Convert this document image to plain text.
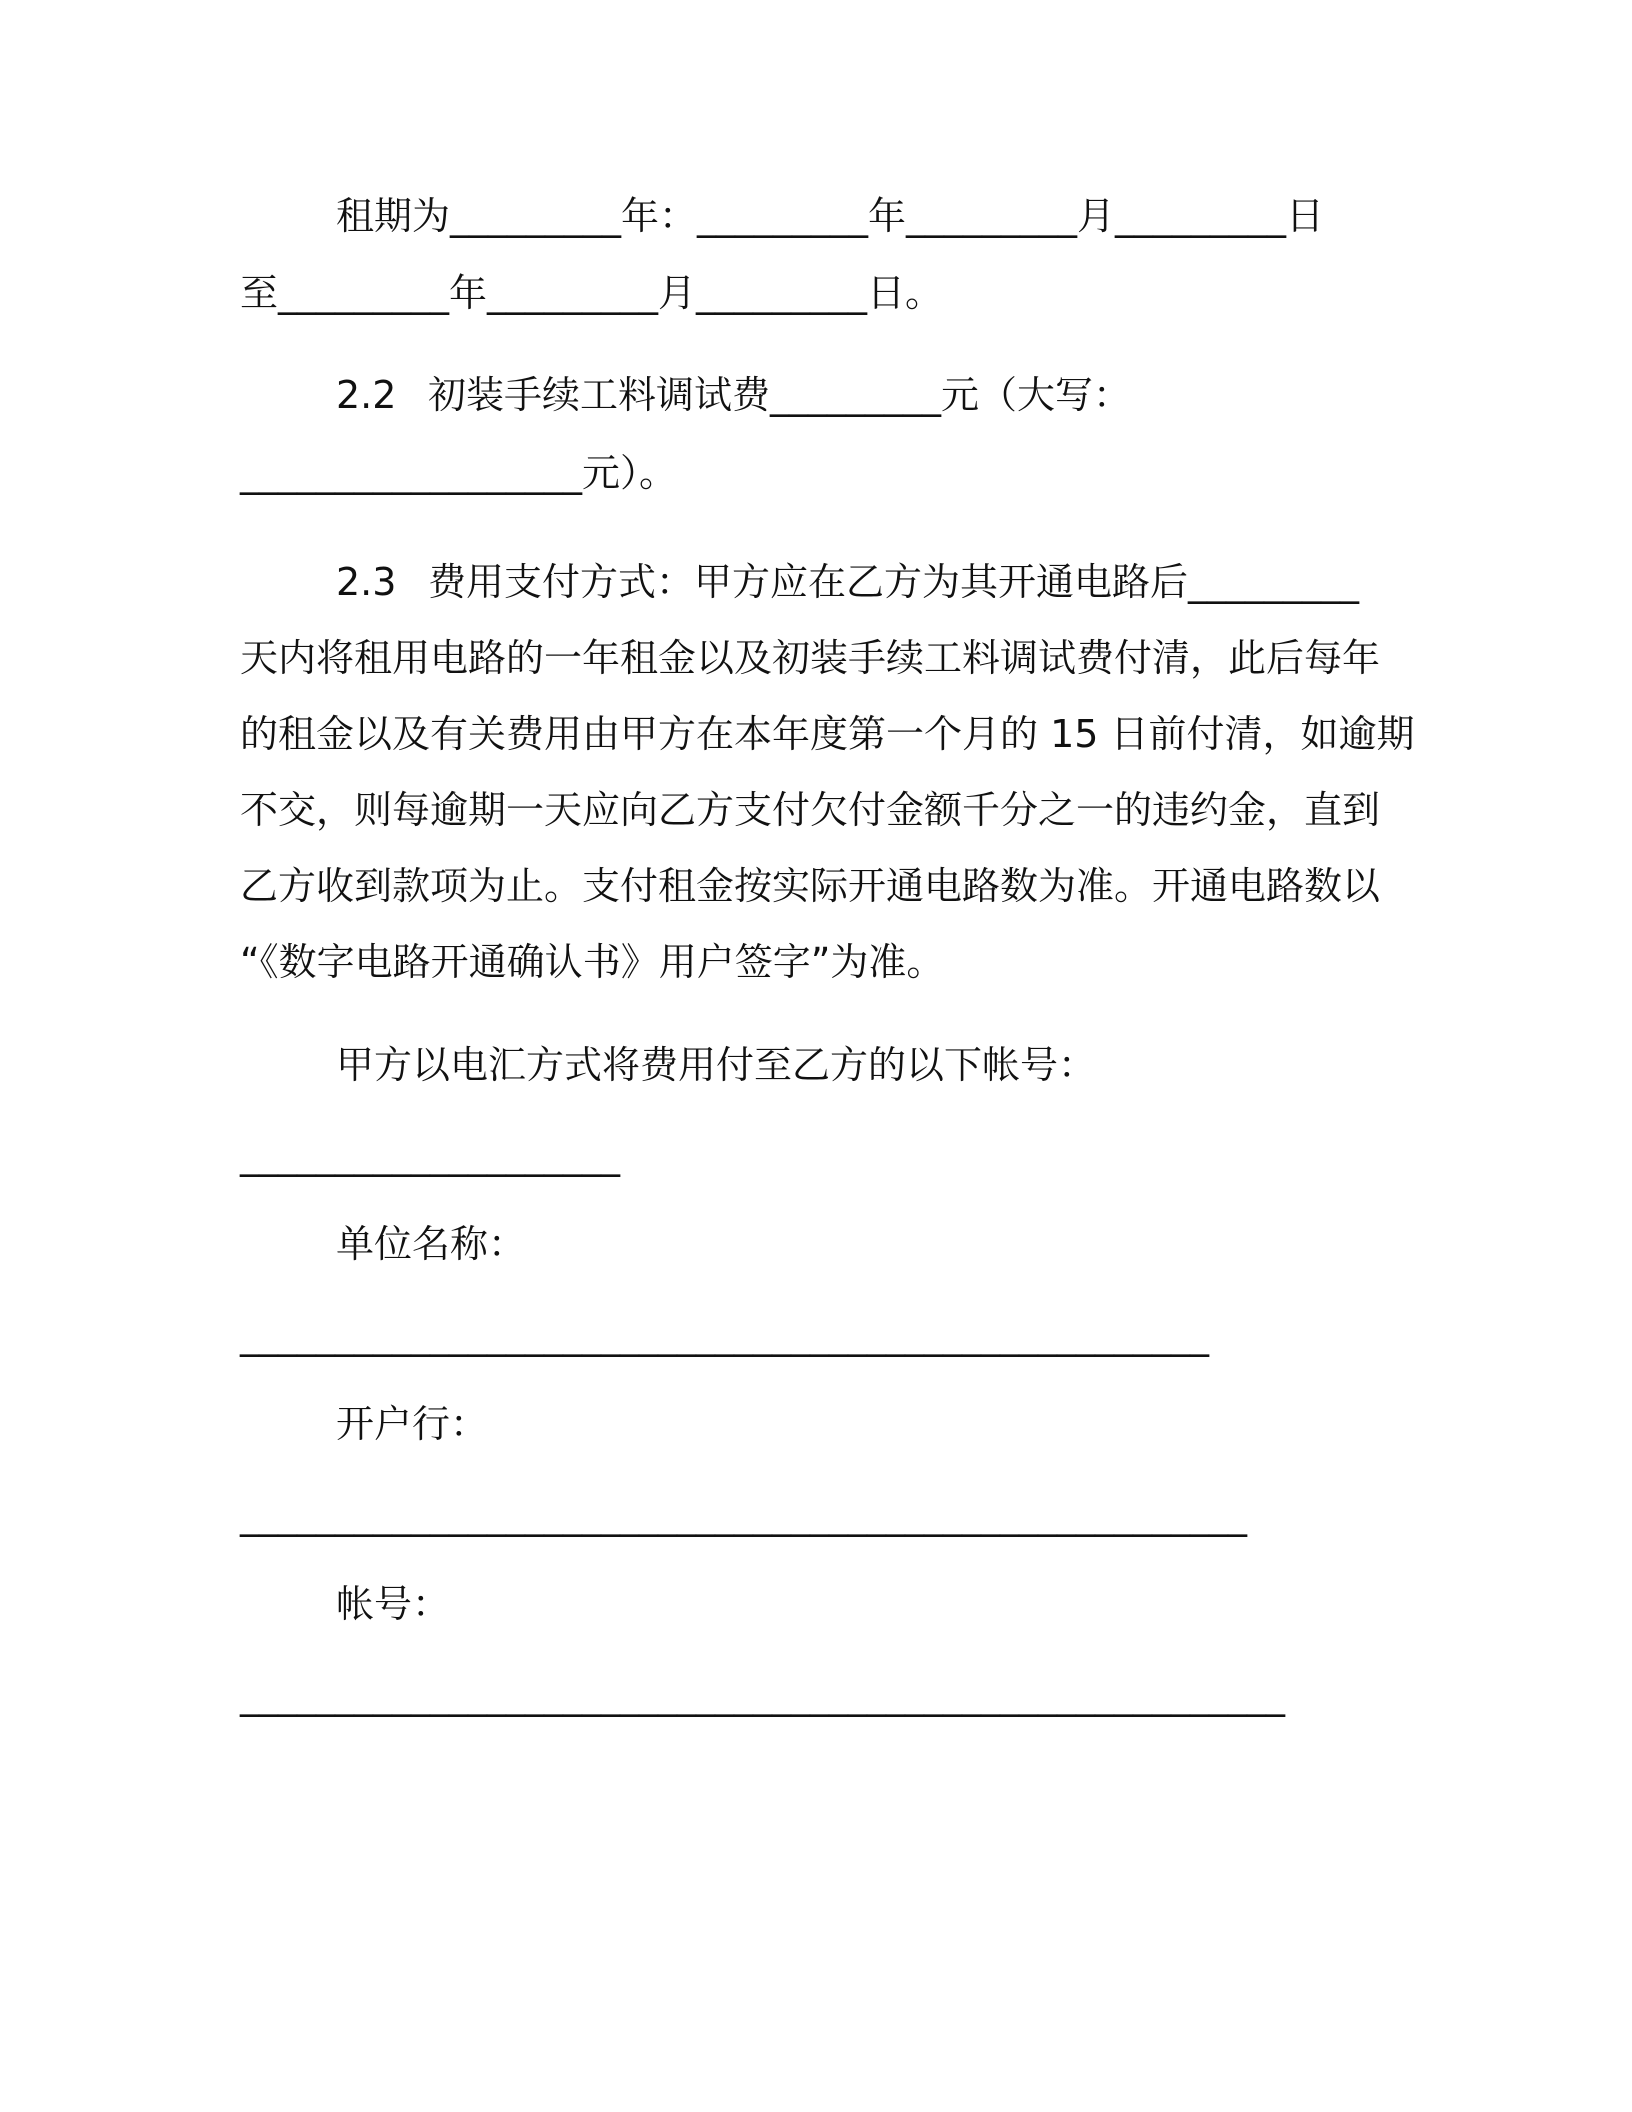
租期为_________年：_________年_________月_________日
至_________年_________月_________日。
2.2 初装手续工料调试费_________元（大写：
__________________元）。
2.3 费用支付方式：甲方应在乙方为其开通电路后_________
天内将租用电路的一年租金以及初装手续工料调试费付清，此后每年
的租金以及有关费用由甲方在本年度第一个月的 15 日前付清，如逾期
不交，则每逾期一天应向乙方支付欠付金额千分之一的违约金，直到
乙方收到款项为止。支付租金按实际开通电路数为准。开通电路数以
“《数字电路开通确认书》用户签字”为准。
甲方以电汇方式将费用付至乙方的以下帐号：
____________________
单位名称：
___________________________________________________
开户行：
_____________________________________________________
帐号：
_______________________________________________________
